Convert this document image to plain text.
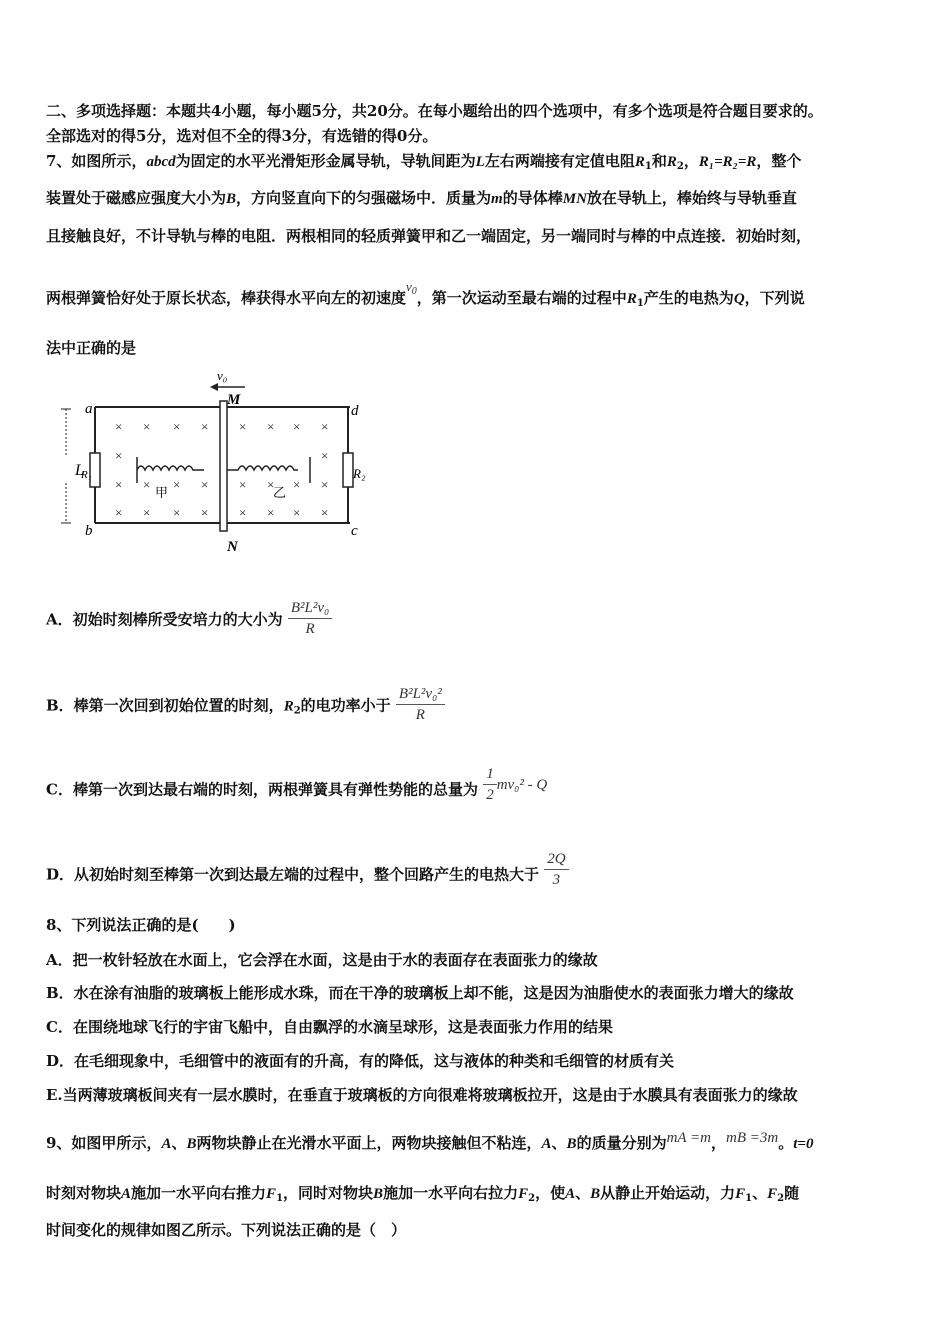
二、多项选择题：本题共4小题，每小题5分，共20分。在每小题给出的四个选项中，有多个选项是符合题目要求的。
全部选对的得5分，选对但不全的得3分，有选错的得0分。
7、如图所示，abcd为固定的水平光滑矩形金属导轨，导轨间距为L左右两端接有定值电阻$R_1$和$R_2$，R₁=R₂=R，整个
装置处于磁感应强度大小为B，方向竖直向下的匀强磁场中．质量为m的导体棒MN放在导轨上，棒始终与导轨垂直
且接触良好，不计导轨与棒的电阻．两根相同的轻质弹簧甲和乙一端固定，另一端同时与棒的中点连接．初始时刻，
两根弹簧恰好处于原长状态，棒获得水平向左的初速度$v_0$，第一次运动至最右端的过程中$R_1$产生的电热为Q，下列说
法中正确的是
v₀
M
N
a
b	c
d
L
R₁	R₂
甲	乙
× × × × × × × ×
×	×
× × × × × × × ×
× × × × × × × ×
A．初始时刻棒所受安培力的大小为 $\frac{\text{B²L²v₀}}{R}$
B．棒第一次回到初始位置的时刻，$R_2$的电功率小于 $\frac{\text{B²L²v₀²}}{R}$
C．棒第一次到达最右端的时刻，两根弹簧具有弹性势能的总量为 $\frac{1}{2} mv_0^2$ - Q
D．从初始时刻至棒第一次到达最左端的过程中，整个回路产生的电热大于 $\frac{2Q}{3}$
8、下列说法正确的是(　　)
A．把一枚针轻放在水面上，它会浮在水面，这是由于水的表面存在表面张力的缘故
B．水在涂有油脂的玻璃板上能形成水珠，而在干净的玻璃板上却不能，这是因为油脂使水的表面张力增大的缘故
C．在围绕地球飞行的宇宙飞船中，自由飘浮的水滴呈球形，这是表面张力作用的结果
D．在毛细现象中，毛细管中的液面有的升高，有的降低，这与液体的种类和毛细管的材质有关
E.当两薄玻璃板间夹有一层水膜时，在垂直于玻璃板的方向很难将玻璃板拉开，这是由于水膜具有表面张力的缘故
9、如图甲所示，A、B两物块静止在光滑水平面上，两物块接触但不粘连，A、B的质量分别为mA =m，mB =3m。t=0
时刻对物块A施加一水平向右推力$F_1$，同时对物块B施加一水平向右拉力$F_2$，使A、B从静止开始运动，力$F_1$、$F_2$随
时间变化的规律如图乙所示。下列说法正确的是（　）
